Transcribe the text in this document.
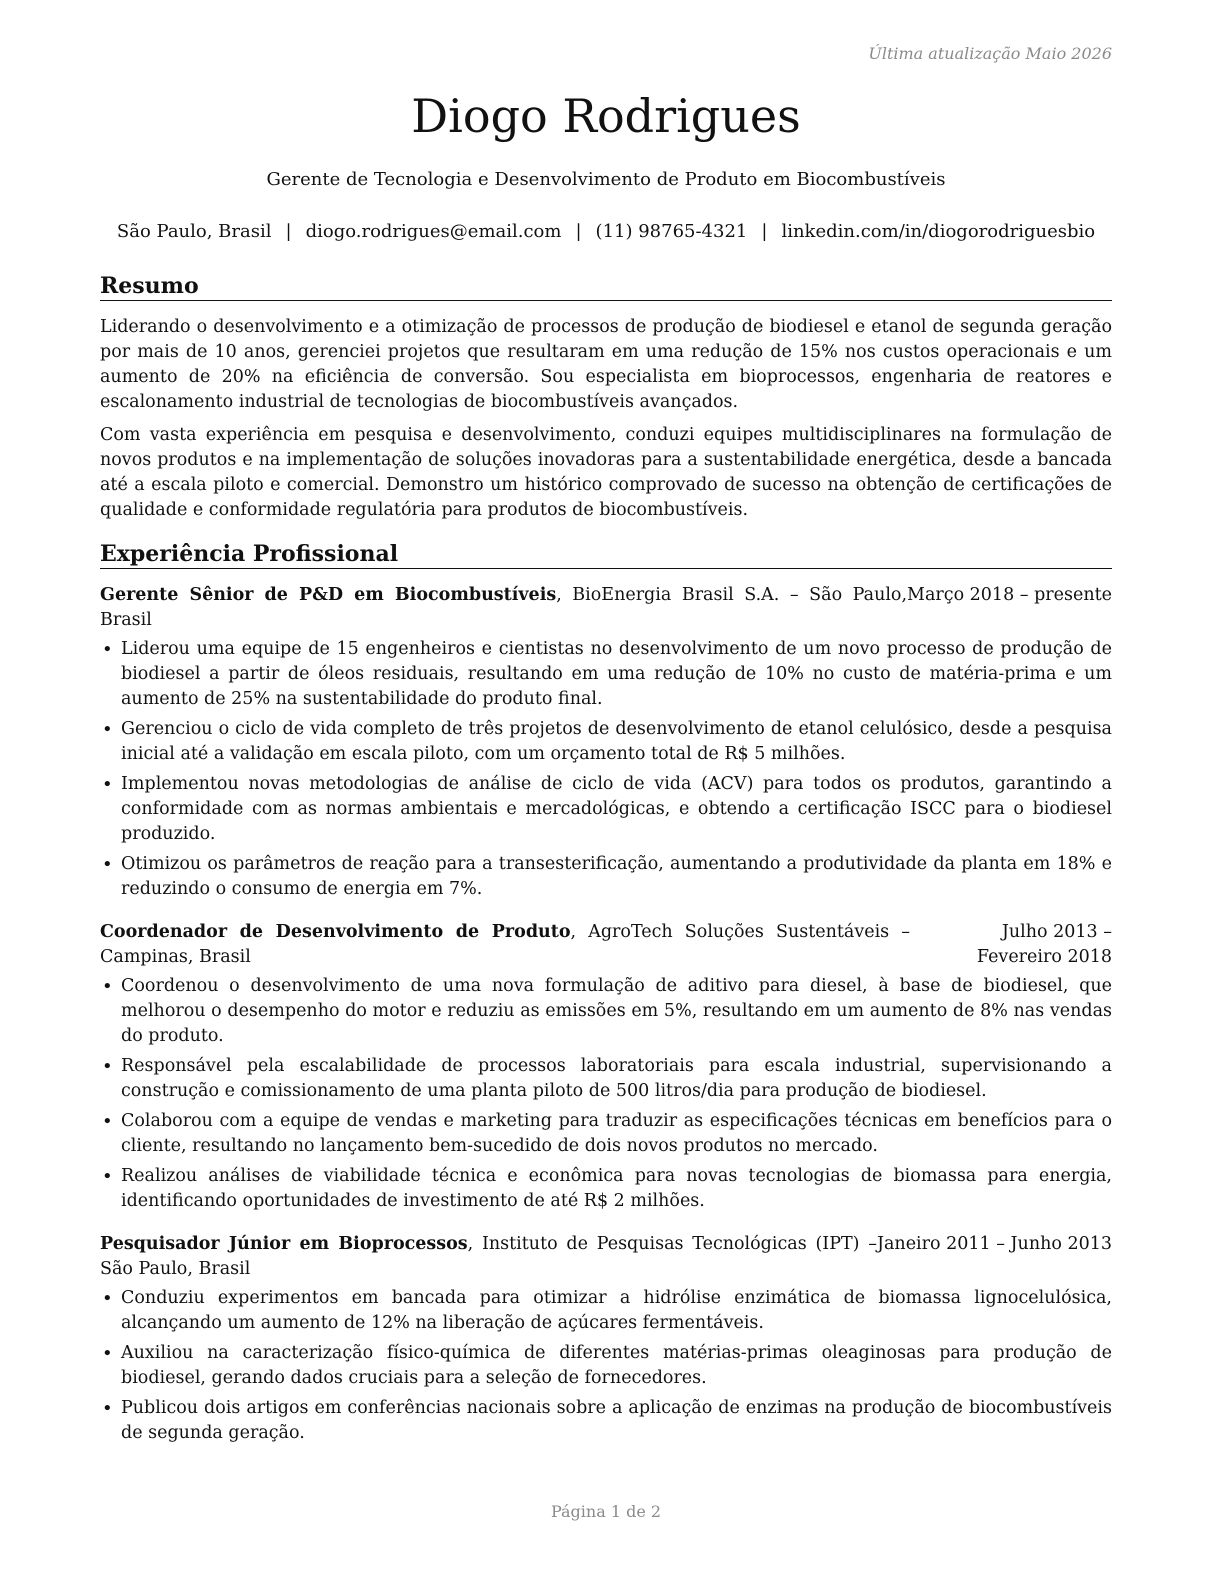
Última atualização Maio 2026
Diogo Rodrigues
Gerente de Tecnologia e Desenvolvimento de Produto em Biocombustíveis
São Paulo, Brasil | diogo.rodrigues@email.com | (11) 98765-4321 | linkedin.com/in/diogorodriguesbio
Resumo

Liderando o desenvolvimento e a otimização de processos de produção de biodiesel e etanol de segunda geração por mais de 10 anos, gerenciei projetos que resultaram em uma redução de 15% nos custos operacionais e um aumento de 20% na eficiência de conversão. Sou especialista em bioprocessos, engenharia de reatores e escalonamento industrial de tecnologias de biocombustíveis avançados.

Com vasta experiência em pesquisa e desenvolvimento, conduzi equipes multidisciplinares na formulação de novos produtos e na implementação de soluções inovadoras para a sustentabilidade energética, desde a bancada até a escala piloto e comercial. Demonstro um histórico comprovado de sucesso na obtenção de certificações de qualidade e conformidade regulatória para produtos de biocombustíveis.

Experiência Profissional
Gerente Sênior de P&D em Biocombustíveis, BioEnergia Brasil S.A. – São Paulo, Brasil
Março 2018 – presente
• Liderou uma equipe de 15 engenheiros e cientistas no desenvolvimento de um novo processo de produção de biodiesel a partir de óleos residuais, resultando em uma redução de 10% no custo de matéria-prima e um aumento de 25% na sustentabilidade do produto final.
• Gerenciou o ciclo de vida completo de três projetos de desenvolvimento de etanol celulósico, desde a pesquisa inicial até a validação em escala piloto, com um orçamento total de R$ 5 milhões.
• Implementou novas metodologias de análise de ciclo de vida (ACV) para todos os produtos, garantindo a conformidade com as normas ambientais e mercadológicas, e obtendo a certificação ISCC para o biodiesel produzido.
• Otimizou os parâmetros de reação para a transesterificação, aumentando a produtividade da planta em 18% e reduzindo o consumo de energia em 7%.
Coordenador de Desenvolvimento de Produto, AgroTech Soluções Sustentáveis – Campinas, Brasil
Julho 2013 – Fevereiro 2018
• Coordenou o desenvolvimento de uma nova formulação de aditivo para diesel, à base de biodiesel, que melhorou o desempenho do motor e reduziu as emissões em 5%, resultando em um aumento de 8% nas vendas do produto.
• Responsável pela escalabilidade de processos laboratoriais para escala industrial, supervisionando a construção e comissionamento de uma planta piloto de 500 litros/dia para produção de biodiesel.
• Colaborou com a equipe de vendas e marketing para traduzir as especificações técnicas em benefícios para o cliente, resultando no lançamento bem-sucedido de dois novos produtos no mercado.
• Realizou análises de viabilidade técnica e econômica para novas tecnologias de biomassa para energia, identificando oportunidades de investimento de até R$ 2 milhões.
Pesquisador Júnior em Bioprocessos, Instituto de Pesquisas Tecnológicas (IPT) – São Paulo, Brasil
Janeiro 2011 – Junho 2013
• Conduziu experimentos em bancada para otimizar a hidrólise enzimática de biomassa lignocelulósica, alcançando um aumento de 12% na liberação de açúcares fermentáveis.
• Auxiliou na caracterização físico-química de diferentes matérias-primas oleaginosas para produção de biodiesel, gerando dados cruciais para a seleção de fornecedores.
• Publicou dois artigos em conferências nacionais sobre a aplicação de enzimas na produção de biocombustíveis de segunda geração.
Página 1 de 2
